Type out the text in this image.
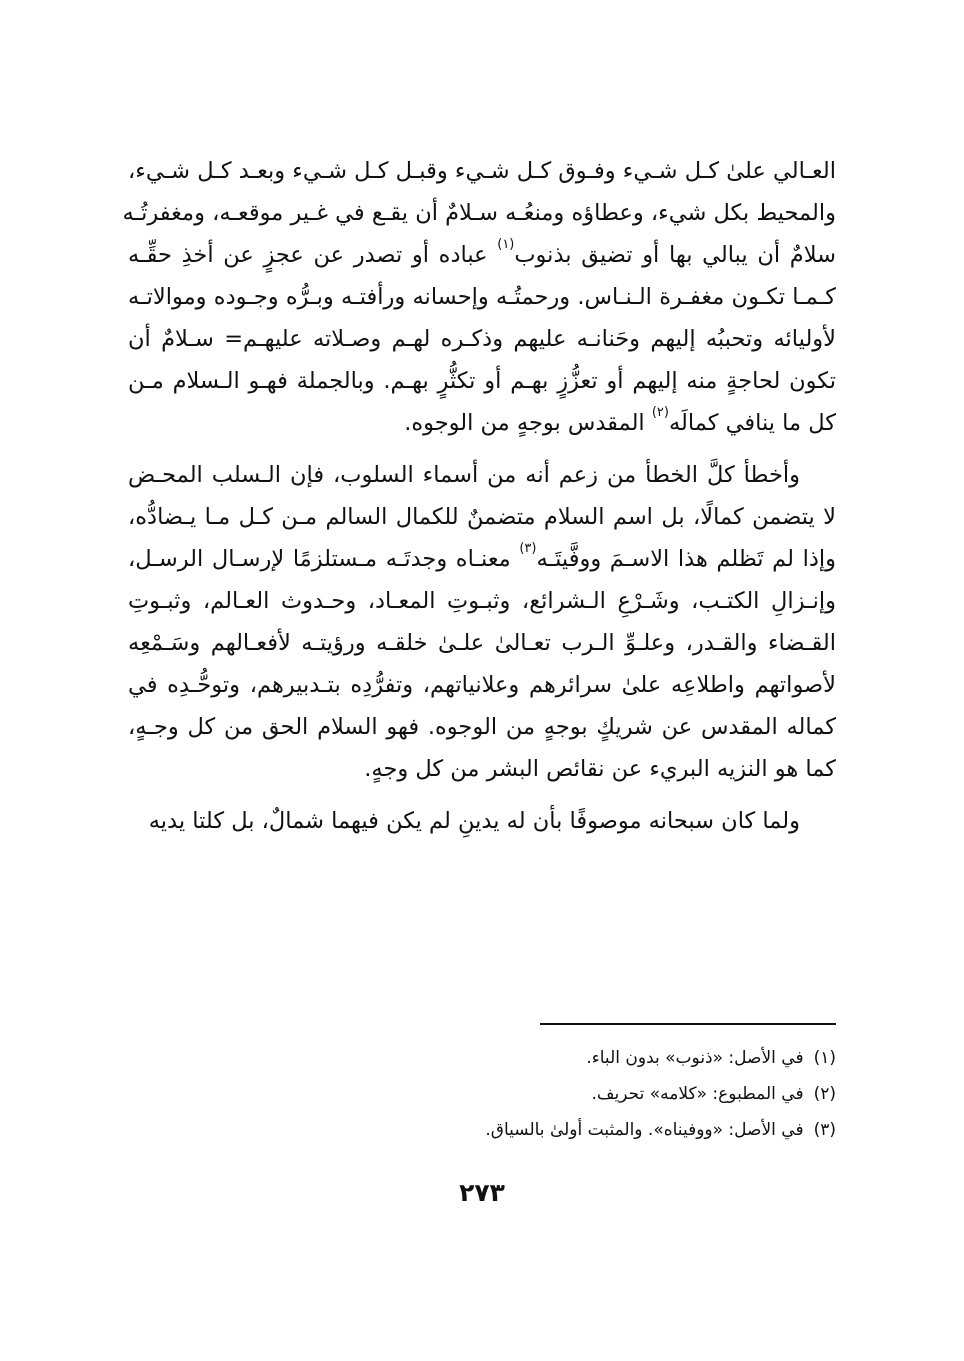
العـالي علىٰ كـل شـيء وفـوق كـل شـيء وقبـل كـل شـيء وبعـد كـل شـيء،
والمحيط بكل شيء، وعطاؤه ومنعُـه سـلامٌ أن يقـع في غـير موقعـه، ومغفرتُـه
سلامٌ أن يبالي بها أو تضيق بذنوب$^{(١)}$ عباده أو تصدر عن عجزٍ عن أخذِ حقِّـه
كـمـا تكـون مغفـرة الـنـاس. ورحمتُـه وإحسانه ورأفتـه وبـرُّه وجـوده وموالاتـه
لأوليائه وتحببُه إليهم وحَنانـه عليهم وذكـره لهـم وصـلاته عليهـم= سـلامٌ أن
تكون لحاجةٍ منه إليهم أو تعزُّزٍ بهـم أو تكثُّرٍ بهـم. وبالجملة فهـو الـسلام مـن
كل ما ينافي كمالَه$^{(٢)}$ المقدس بوجهٍ من الوجوه.

وأخطأ كلَّ الخطأ من زعم أنه من أسماء السلوب، فإن الـسلب المحـض
لا يتضمن كمالًا، بل اسم السلام متضمنٌ للكمال السالم مـن كـل مـا يـضادُّه،
وإذا لم تَظلم هذا الاسـمَ ووفَّيتَـه$^{(٣)}$ معنـاه وجدتَـه مـستلزمًا لإرسـال الرسـل،
وإنـزالِ الكتـب، وشَـرْعِ الـشرائع، وثبـوتِ المعـاد، وحـدوث العـالم، وثبـوتِ
القـضاء والقـدر، وعلـوِّ الـرب تعـالىٰ علـىٰ خلقـه ورؤيتـه لأفعـالهم وسَـمْعِه
لأصواتهم واطلاعِه علىٰ سرائرهم وعلانياتهم، وتفرُّدِه بتـدبيرهم، وتوحُّـدِه في
كماله المقدس عن شريكٍ بوجهٍ من الوجوه. فهو السلام الحق من كل وجـهٍ،
كما هو النزيه البريء عن نقائص البشر من كل وجهٍ.

ولما كان سبحانه موصوفًا بأن له يدينِ لم يكن فيهما شمالٌ، بل كلتا يديه

(١)في الأصل: «ذنوب» بدون الباء.
(٢)في المطبوع: «كلامه» تحريف.
(٣)في الأصل: «ووفيناه». والمثبت أولىٰ بالسياق.
٢٧٣
